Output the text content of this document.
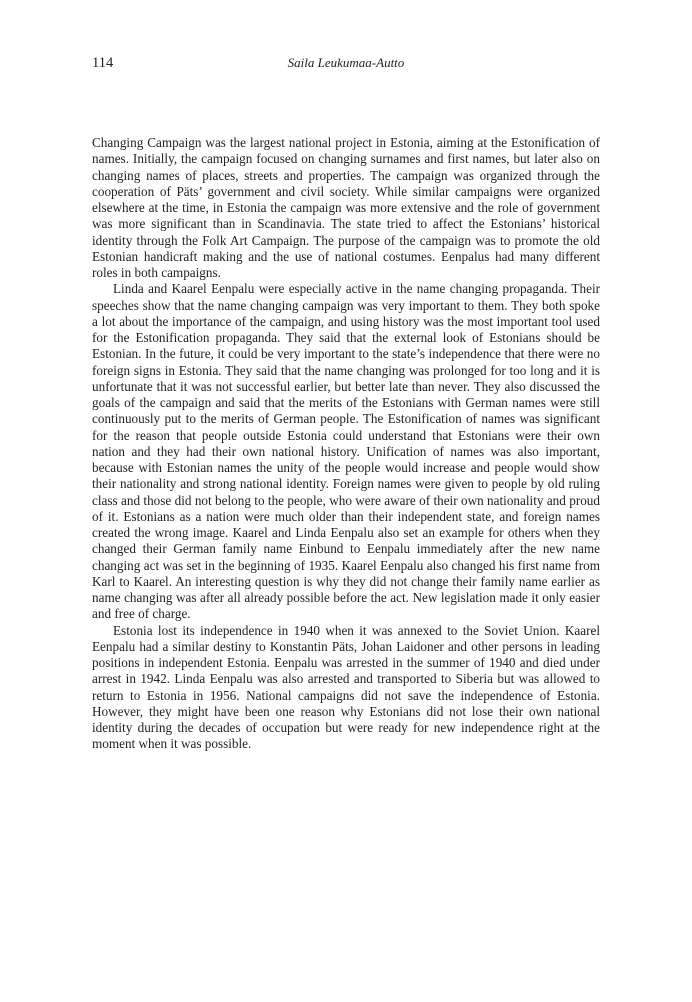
114	Saila Leukumaa-Autto

Changing Campaign was the largest national project in Estonia, aiming at the Estonification of names. Initially, the campaign focused on changing surnames and first names, but later also on changing names of places, streets and properties. The campaign was organized through the cooperation of Päts’ government and civil society. While similar campaigns were organized elsewhere at the time, in Estonia the campaign was more extensive and the role of government was more significant than in Scandinavia. The state tried to affect the Estonians’ historical identity through the Folk Art Campaign. The purpose of the campaign was to promote the old Estonian handicraft making and the use of national costumes. Eenpalus had many different roles in both campaigns.

Linda and Kaarel Eenpalu were especially active in the name changing propaganda. Their speeches show that the name changing campaign was very important to them. They both spoke a lot about the importance of the campaign, and using history was the most important tool used for the Estonification propaganda. They said that the external look of Estonians should be Estonian. In the future, it could be very important to the state’s independence that there were no foreign signs in Estonia. They said that the name changing was prolonged for too long and it is unfortunate that it was not successful earlier, but better late than never. They also discussed the goals of the campaign and said that the merits of the Estonians with German names were still continuously put to the merits of German people. The Estonification of names was significant for the reason that people outside Estonia could understand that Estonians were their own nation and they had their own national history. Unification of names was also important, because with Estonian names the unity of the people would increase and people would show their nationality and strong national identity. Foreign names were given to people by old ruling class and those did not belong to the people, who were aware of their own nationality and proud of it. Estonians as a nation were much older than their independent state, and foreign names created the wrong image. Kaarel and Linda Eenpalu also set an example for others when they changed their German family name Einbund to Eenpalu immediately after the new name changing act was set in the beginning of 1935. Kaarel Eenpalu also changed his first name from Karl to Kaarel. An interesting question is why they did not change their family name earlier as name changing was after all already possible before the act. New legislation made it only easier and free of charge.

Estonia lost its independence in 1940 when it was annexed to the Soviet Union. Kaarel Eenpalu had a similar destiny to Konstantin Päts, Johan Laidoner and other persons in leading positions in independent Estonia. Eenpalu was arrested in the summer of 1940 and died under arrest in 1942. Linda Eenpalu was also arrested and transported to Siberia but was allowed to return to Estonia in 1956. National campaigns did not save the independence of Estonia. However, they might have been one reason why Estonians did not lose their own national identity during the decades of occupation but were ready for new independence right at the moment when it was possible.
